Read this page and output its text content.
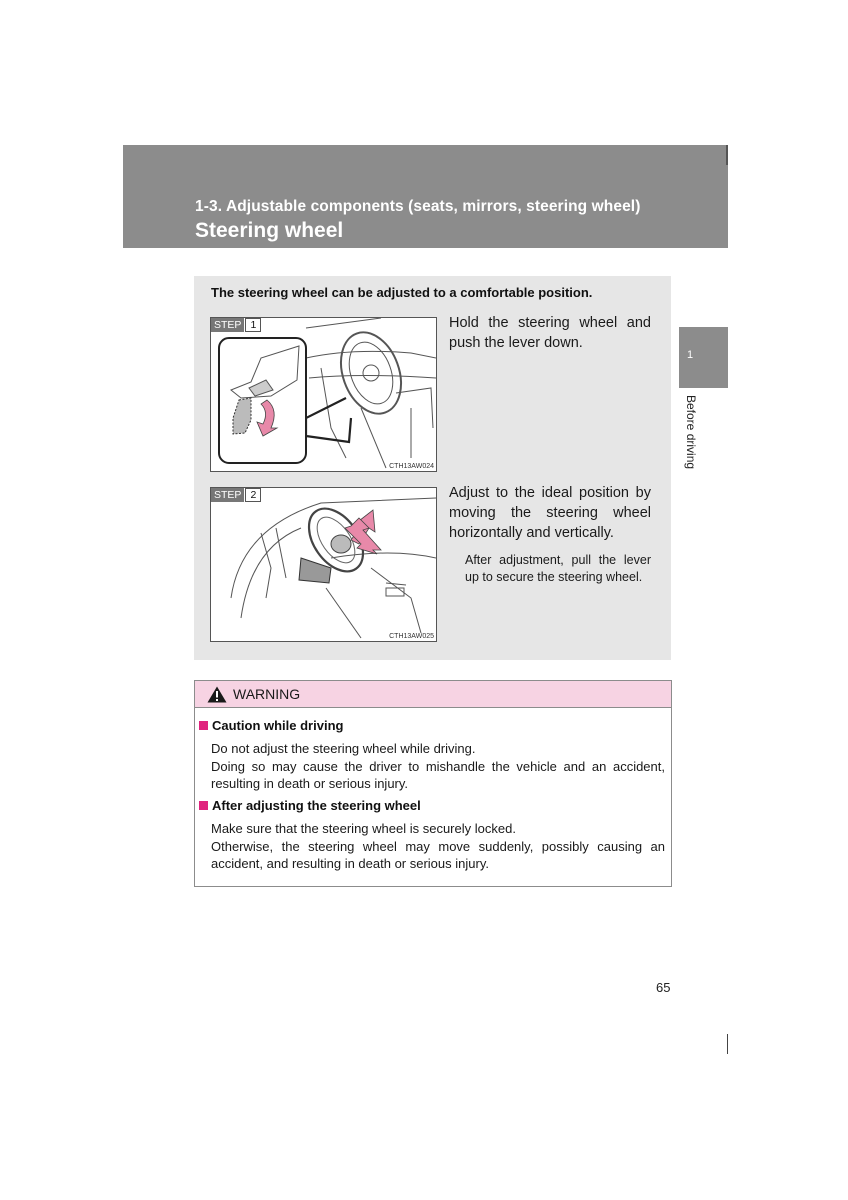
1-3. Adjustable components (seats, mirrors, steering wheel)
Steering wheel
1
Before driving
The steering wheel can be adjusted to a comfortable position.
STEP 1
CTH13AW024
Hold the steering wheel and push the lever down.
STEP 2
CTH13AW025
Adjust to the ideal position by moving the steering wheel horizontally and vertically.
After adjustment, pull the lever up to secure the steering wheel.
WARNING
Caution while driving
Do not adjust the steering wheel while driving.
Doing so may cause the driver to mishandle the vehicle and an accident, resulting in death or serious injury.
After adjusting the steering wheel
Make sure that the steering wheel is securely locked.
Otherwise, the steering wheel may move suddenly, possibly causing an accident, and resulting in death or serious injury.
65
